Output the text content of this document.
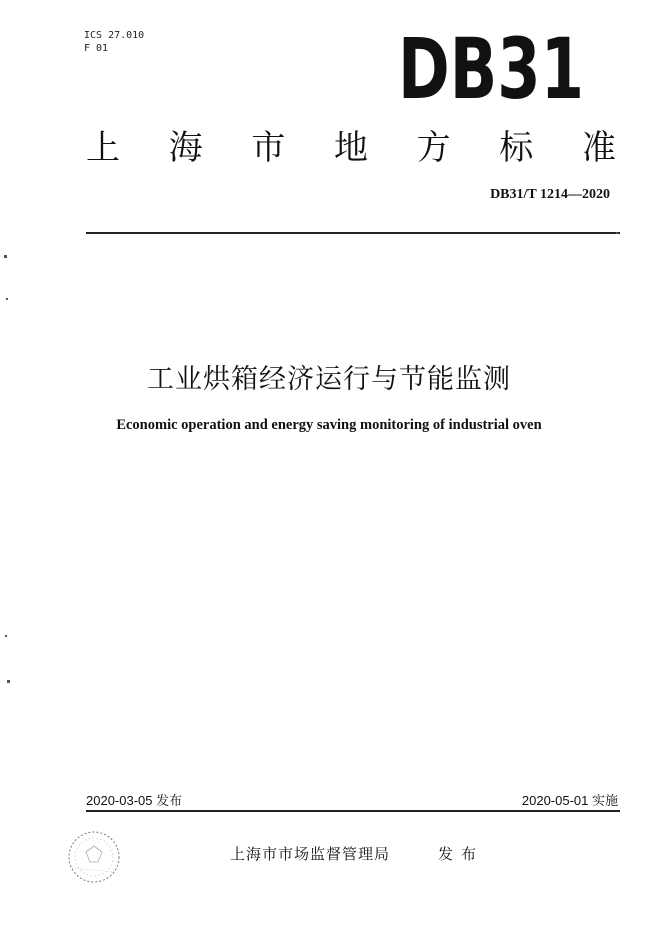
ICS 27.010
F 01	DB31
上 海 市 地 方 标 准
DB31/T 1214—2020
工业烘箱经济运行与节能监测
Economic operation and energy saving monitoring of industrial oven
2020-03-05 发布	2020-05-01 实施
上海市市场监督管理局	发布
